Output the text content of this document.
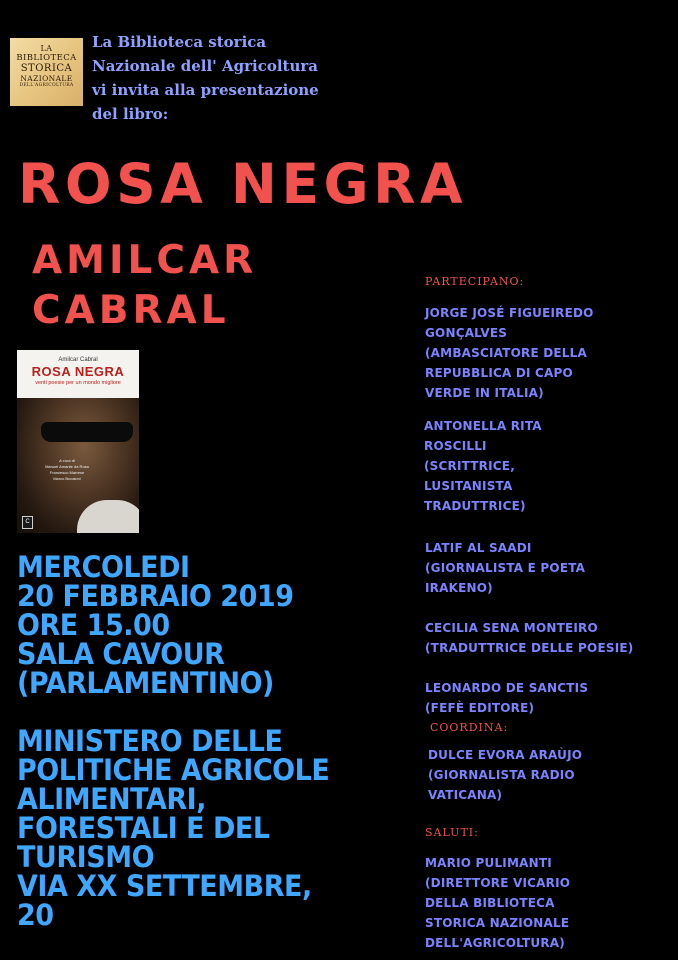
LA
BIBLIOTECA
STORICA
NAZIONALE
DELL'AGRICOLTURA
La Biblioteca storica
Nazionale dell' Agricoltura
vi invita alla presentazione
del libro:
ROSA NEGRA
AMILCAR
CABRAL
Amilcar Cabral
ROSA NEGRA
venti poesie per un mondo migliore
A cura di
Manuel Amante da Rosa
Francesco Marrese
Marco Bucaioni
C
MERCOLEDI
20 FEBBRAIO 2019
ORE 15.00
SALA CAVOUR
(PARLAMENTINO)
MINISTERO DELLE
POLITICHE AGRICOLE
ALIMENTARI,
FORESTALI E DEL
TURISMO
VIA XX SETTEMBRE,
20
PARTECIPANO:
JORGE JOSÉ FIGUEIREDO
GONÇALVES
(AMBASCIATORE DELLA
REPUBBLICA DI CAPO
VERDE IN ITALIA)
ANTONELLA RITA
ROSCILLI
(SCRITTRICE,
LUSITANISTA
TRADUTTRICE)
LATIF AL SAADI
(GIORNALISTA E POETA
IRAKENO)
CECILIA SENA MONTEIRO
(TRADUTTRICE DELLE POESIE)
LEONARDO DE SANCTIS
(FEFÈ EDITORE)
COORDINA:
DULCE EVORA ARAÙJO
(GIORNALISTA RADIO
VATICANA)
SALUTI:
MARIO PULIMANTI
(DIRETTORE VICARIO
DELLA BIBLIOTECA
STORICA NAZIONALE
DELL'AGRICOLTURA)
